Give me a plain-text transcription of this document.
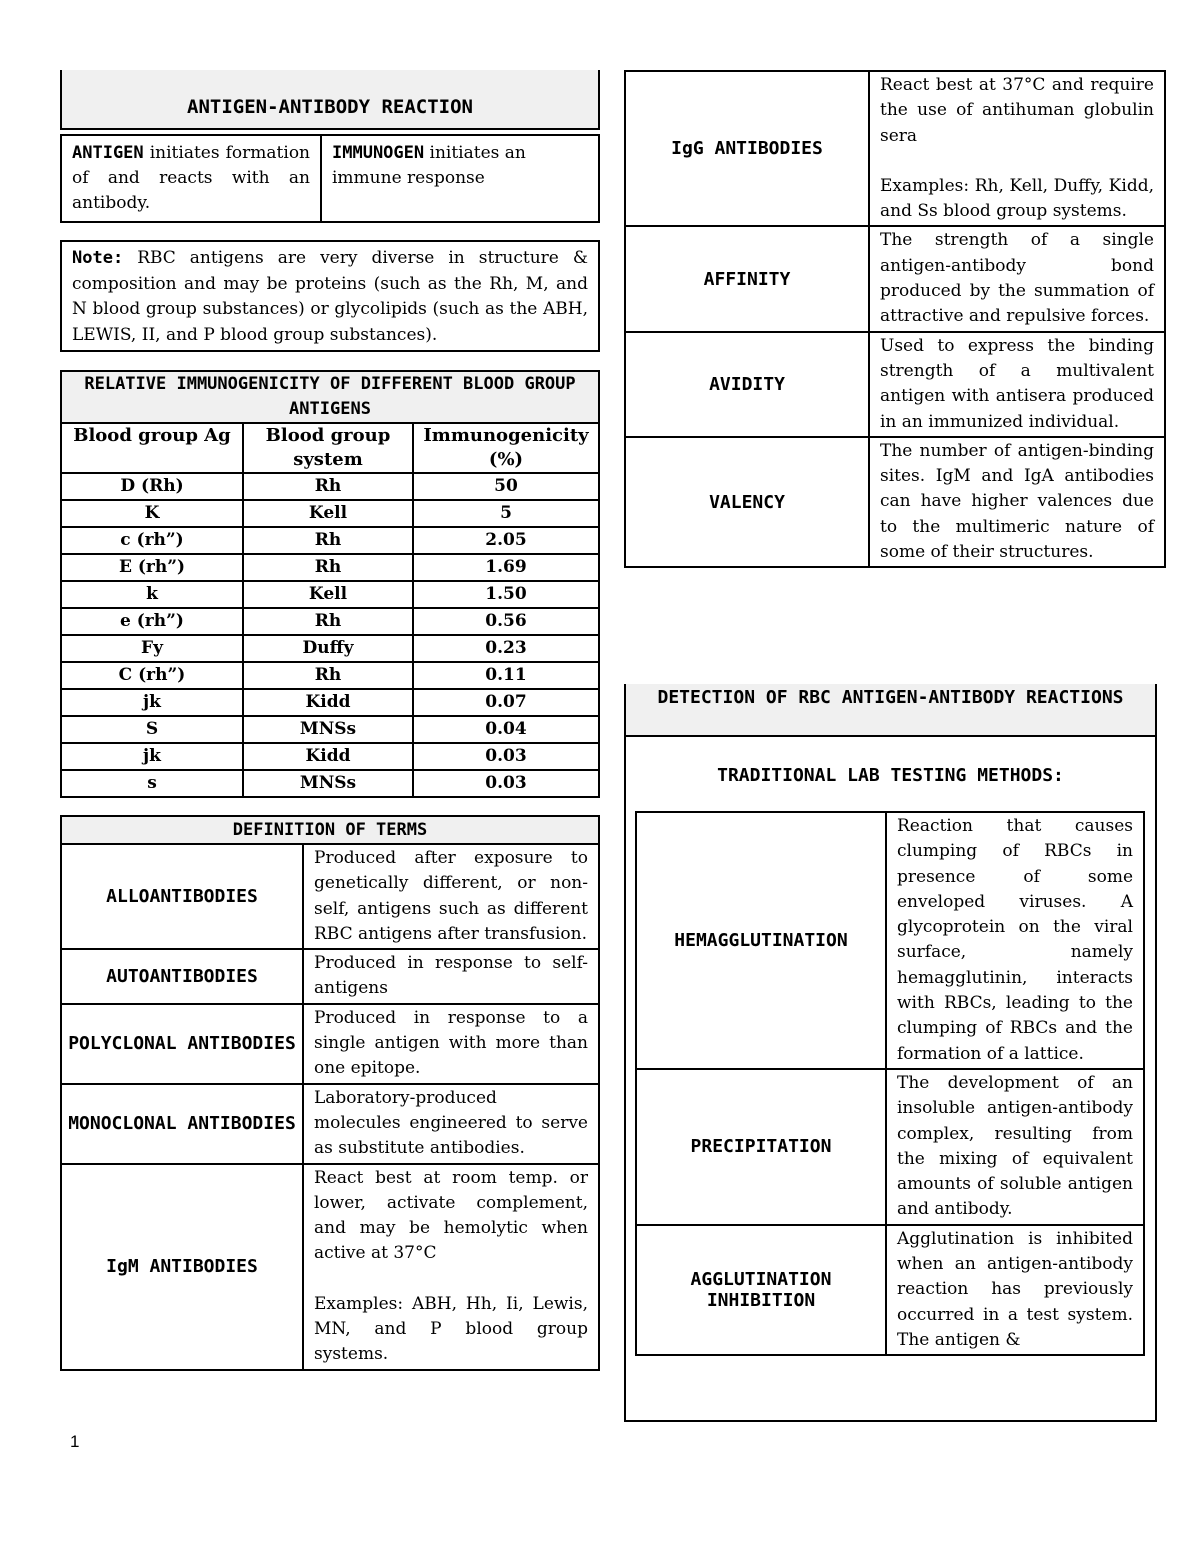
ANTIGEN-ANTIBODY REACTION
ANTIGEN initiates formation of and reacts with an antibody.	IMMUNOGEN initiates an immune response
Note: RBC antigens are very diverse in structure & composition and may be proteins (such as the Rh, M, and N blood group substances) or glycolipids (such as the ABH, LEWIS, II, and P blood group substances).
RELATIVE IMMUNOGENICITY OF DIFFERENT BLOOD GROUP ANTIGENS		
Blood group Ag	Blood group system	Immunogenicity (%)
D (Rh)	Rh	50
K	Kell	5
c (rh”)	Rh	2.05
E (rh”)	Rh	1.69
k	Kell	1.50
e (rh”)	Rh	0.56
Fy	Duffy	0.23
C (rh”)	Rh	0.11
jk	Kidd	0.07
S	MNSs	0.04
jk	Kidd	0.03
s	MNSs	0.03
DEFINITION OF TERMS	
ALLOANTIBODIES	Produced after exposure to genetically different, or non-self, antigens such as different RBC antigens after transfusion.
AUTOANTIBODIES	Produced in response to self-antigens
POLYCLONAL ANTIBODIES	Produced in response to a single antigen with more than one epitope.
MONOCLONAL ANTIBODIES	Laboratory-produced molecules engineered to serve as substitute antibodies.
IgM ANTIBODIES	React best at room temp. or lower, activate complement, and may be hemolytic when active at 37°C
Examples: ABH, Hh, Ii, Lewis, MN, and P blood group systems.
IgG ANTIBODIES	React best at 37°C and require the use of antihuman globulin sera
Examples: Rh, Kell, Duffy, Kidd, and Ss blood group systems.
AFFINITY	The strength of a single antigen-antibody bond produced by the summation of attractive and repulsive forces.
AVIDITY	Used to express the binding strength of a multivalent antigen with antisera produced in an immunized individual.
VALENCY	The number of antigen-binding sites. IgM and IgA antibodies can have higher valences due to the multimeric nature of some of their structures.
DETECTION OF RBC ANTIGEN-ANTIBODY REACTIONS
TRADITIONAL LAB TESTING METHODS:
HEMAGGLUTINATION	Reaction that causes clumping of RBCs in presence of some enveloped viruses. A glycoprotein on the viral surface, namely hemagglutinin, interacts with RBCs, leading to the clumping of RBCs and the formation of a lattice.
PRECIPITATION	The development of an insoluble antigen-antibody complex, resulting from the mixing of equivalent amounts of soluble antigen and antibody.
AGGLUTINATION INHIBITION	Agglutination is inhibited when an antigen-antibody reaction has previously occurred in a test system. The antigen &
1
